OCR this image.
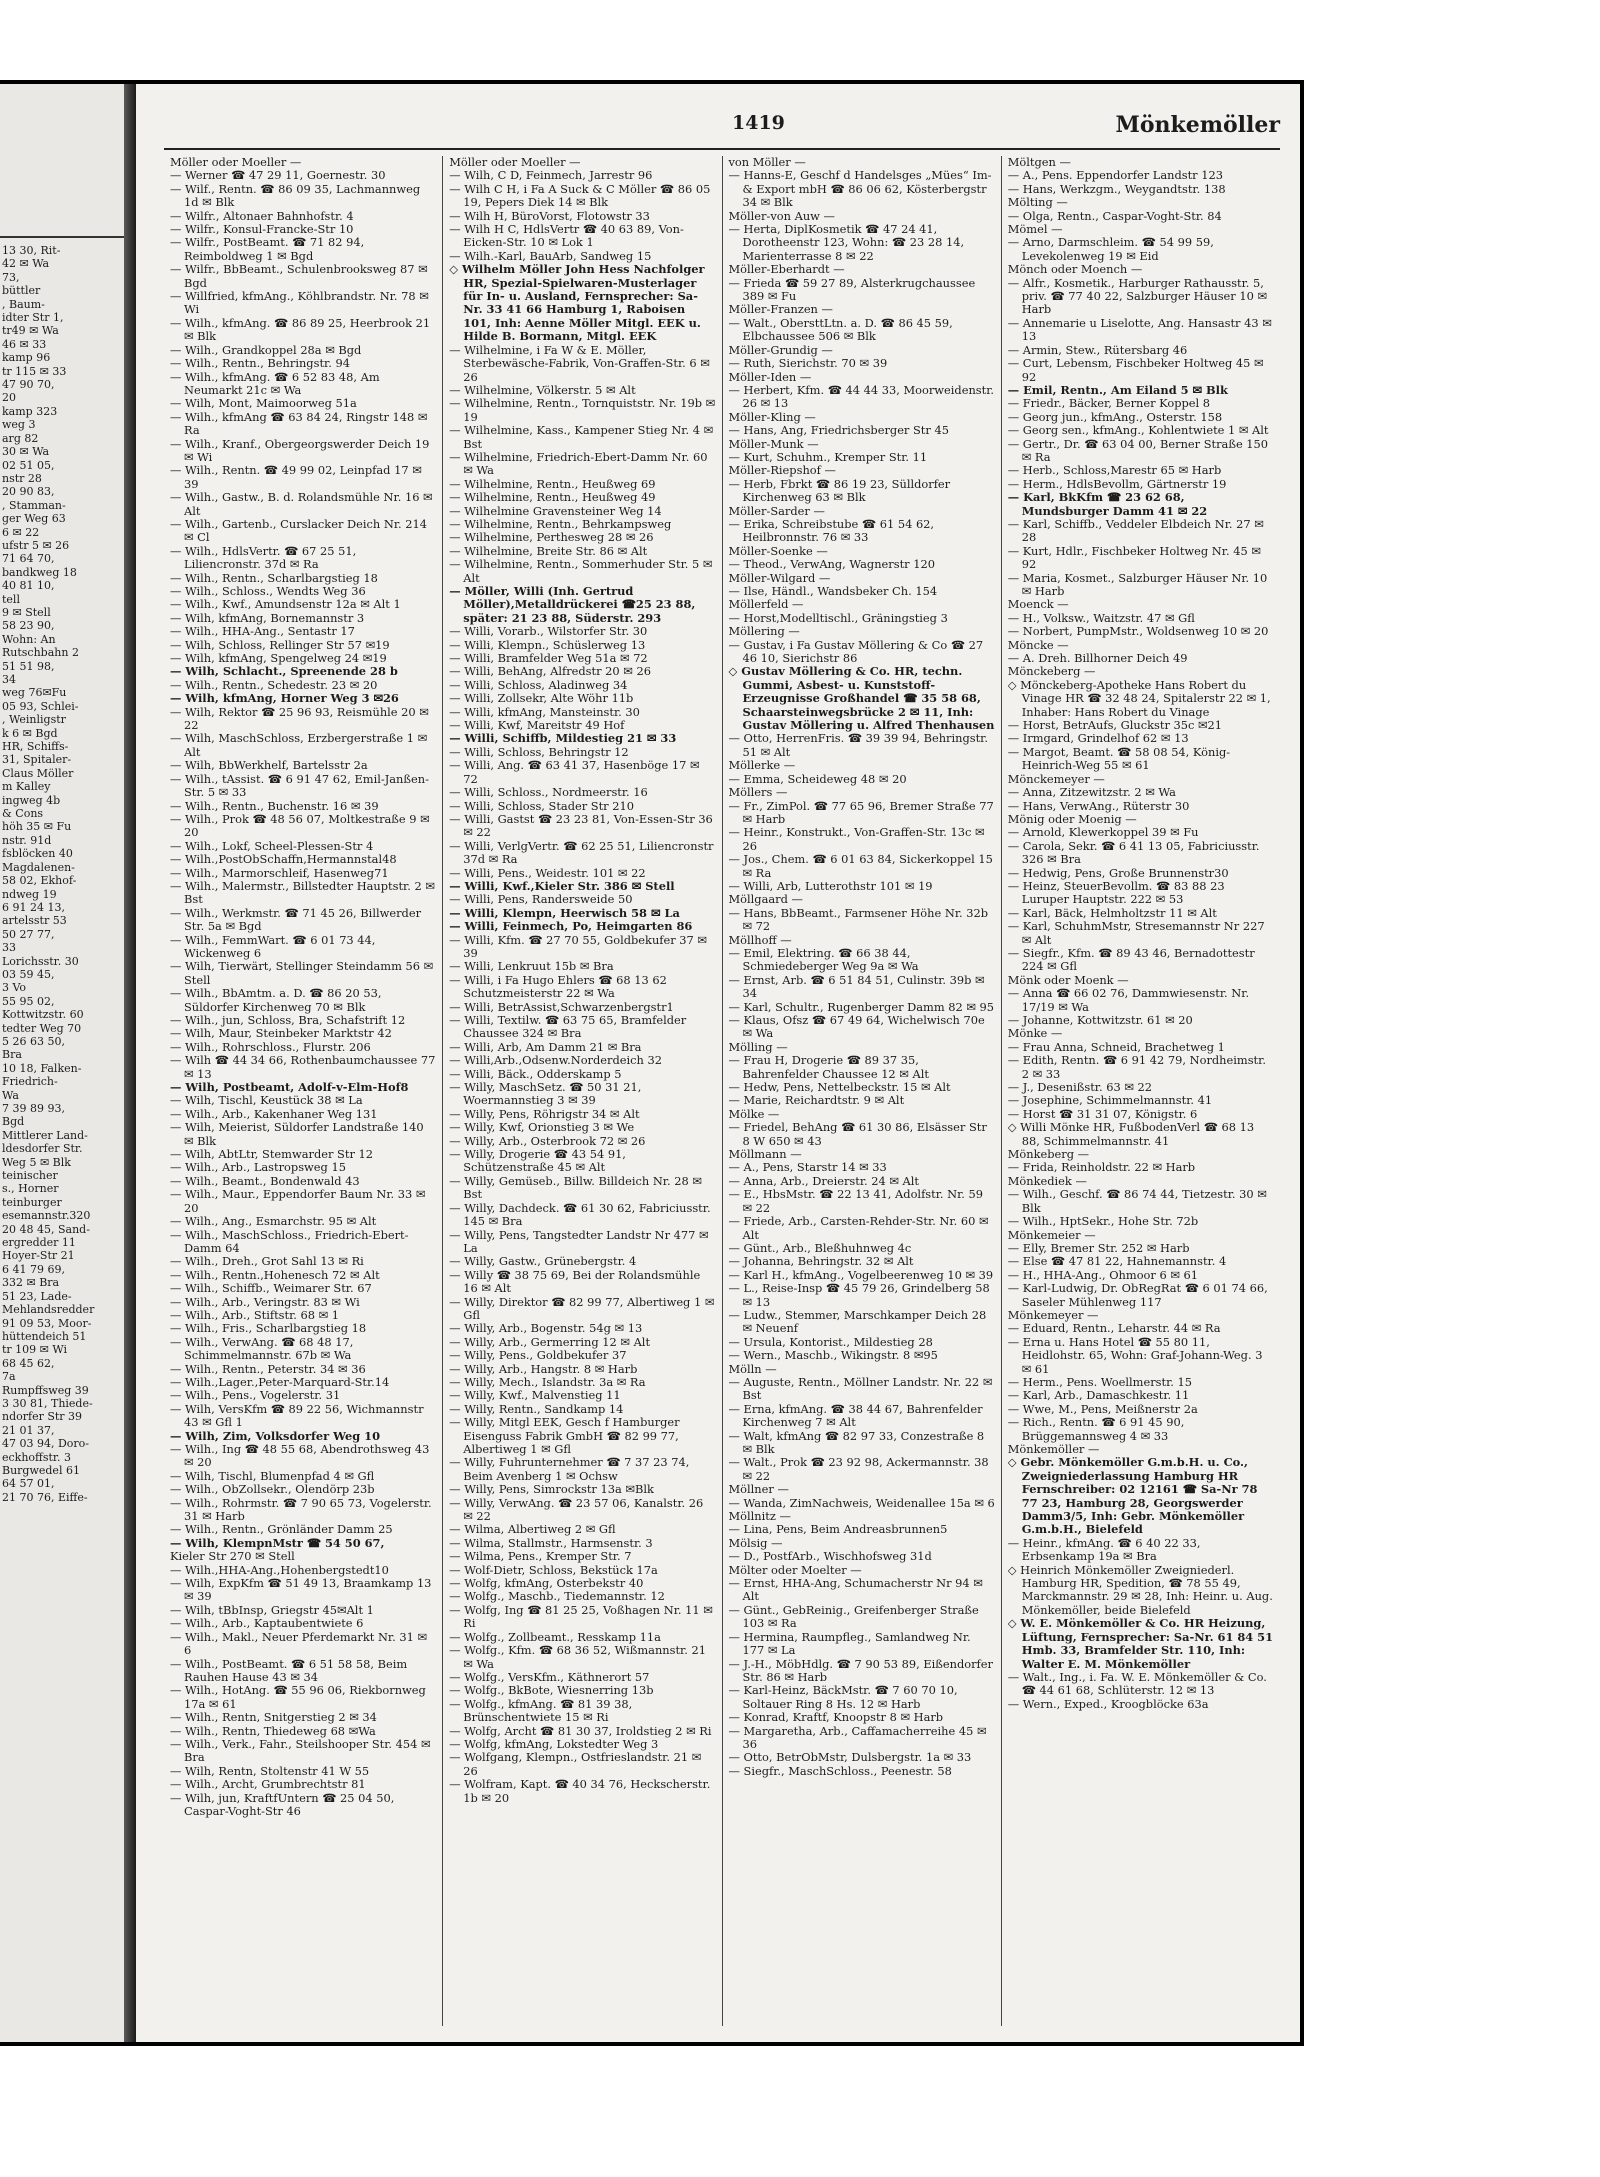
13 30, Rit-
42 ✉ Wa
73,
büttler
, Baum-
idter Str 1,
tr49 ✉ Wa
46 ✉ 33
kamp 96
tr 115 ✉ 33
47 90 70,
20
kamp 323
weg 3
arg 82
30 ✉ Wa
02 51 05,
nstr 28
20 90 83,
, Stamman-
ger Weg 63
6 ✉ 22
ufstr 5 ✉ 26
71 64 70,
bandkweg 18
40 81 10,
tell
9 ✉ Stell
58 23 90,
Wohn: An
Rutschbahn 2
51 51 98,
34
weg 76✉Fu
05 93, Schlei-
, Weinligstr
k 6 ✉ Bgd
HR, Schiffs-
31, Spitaler-
Claus Möller
m Kalley
ingweg 4b
& Cons
höh 35 ✉ Fu
nstr. 91d
fsblöcken 40
Magdalenen-
58 02, Ekhof-
ndweg 19
6 91 24 13,
artelsstr 53
50 27 77,
33
Lorichsstr. 30
03 59 45,
3 Vo
55 95 02,
Kottwitzstr. 60
tedter Weg 70
5 26 63 50,
Bra
10 18, Falken-
Friedrich-
Wa
7 39 89 93,
Bgd
Mittlerer Land-
ldesdorfer Str.
Weg 5 ✉ Blk
teinischer
s., Horner
teinburger
esemannstr.320
20 48 45, Sand-
ergredder 11
Hoyer-Str 21
6 41 79 69,
332 ✉ Bra
51 23, Lade-
Mehlandsredder
91 09 53, Moor-
hüttendeich 51
tr 109 ✉ Wi
68 45 62,
7a
Rumpffsweg 39
3 30 81, Thiede-
ndorfer Str 39
21 01 37,
47 03 94, Doro-
eckhoffstr. 3
Burgwedel 61
64 57 01,
21 70 76, Eiffe-
1419	Mönkemöller

Möller oder Moeller —

— Werner ☎ 47 29 11, Goernestr. 30

— Wilf., Rentn. ☎ 86 09 35, Lachmannweg 1d ✉ Blk

— Wilfr., Altonaer Bahnhofstr. 4

— Wilfr., Konsul-Francke-Str 10

— Wilfr., PostBeamt. ☎ 71 82 94, Reimboldweg 1 ✉ Bgd

— Wilfr., BbBeamt., Schulenbrooksweg 87 ✉ Bgd

— Willfried, kfmAng., Köhlbrandstr. Nr. 78 ✉ Wi

— Wilh., kfmAng. ☎ 86 89 25, Heerbrook 21 ✉ Blk

— Wilh., Grandkoppel 28a ✉ Bgd

— Wilh., Rentn., Behringstr. 94

— Wilh., kfmAng. ☎ 6 52 83 48, Am Neumarkt 21c ✉ Wa

— Wilh, Mont, Maimoorweg 51a

— Wilh., kfmAng ☎ 63 84 24, Ringstr 148 ✉ Ra

— Wilh., Kranf., Obergeorgswerder Deich 19 ✉ Wi

— Wilh., Rentn. ☎ 49 99 02, Leinpfad 17 ✉ 39

— Wilh., Gastw., B. d. Rolandsmühle Nr. 16 ✉ Alt

— Wilh., Gartenb., Curslacker Deich Nr. 214 ✉ Cl

— Wilh., HdlsVertr. ☎ 67 25 51, Liliencronstr. 37d ✉ Ra

— Wilh., Rentn., Scharlbargstieg 18

— Wilh., Schloss., Wendts Weg 36

— Wilh., Kwf., Amundsenstr 12a ✉ Alt 1

— Wilh, kfmAng, Bornemannstr 3

— Wilh., HHA-Ang., Sentastr 17

— Wilh, Schloss, Rellinger Str 57 ✉19

— Wilh, kfmAng, Spengelweg 24 ✉19

— Wilh, Schlacht., Spreenende 28 b

— Wilh., Rentn., Schedestr. 23 ✉ 20

— Wilh, kfmAng, Horner Weg 3 ✉26

— Wilh, Rektor ☎ 25 96 93, Reismühle 20 ✉ 22

— Wilh, MaschSchloss, Erzbergerstraße 1 ✉ Alt

— Wilh, BbWerkhelf, Bartelsstr 2a

— Wilh., tAssist. ☎ 6 91 47 62, Emil-Janßen-Str. 5 ✉ 33

— Wilh., Rentn., Buchenstr. 16 ✉ 39

— Wilh., Prok ☎ 48 56 07, Moltkestraße 9 ✉ 20

— Wilh., Lokf, Scheel-Plessen-Str 4

— Wilh.,PostObSchaffn,Hermannstal48

— Wilh., Marmorschleif, Hasenweg71

— Wilh., Malermstr., Billstedter Hauptstr. 2 ✉ Bst

— Wilh., Werkmstr. ☎ 71 45 26, Billwerder Str. 5a ✉ Bgd

— Wilh., FemmWart. ☎ 6 01 73 44, Wickenweg 6

— Wilh, Tierwärt, Stellinger Steindamm 56 ✉ Stell

— Wilh., BbAmtm. a. D. ☎ 86 20 53, Süldorfer Kirchenweg 70 ✉ Blk

— Wilh., jun, Schloss, Bra, Schafstrift 12

— Wilh, Maur, Steinbeker Marktstr 42

— Wilh., Rohrschloss., Flurstr. 206

— Wilh ☎ 44 34 66, Rothenbaumchaussee 77 ✉ 13

— Wilh, Postbeamt, Adolf-v-Elm-Hof8

— Wilh, Tischl, Keustück 38 ✉ La

— Wilh., Arb., Kakenhaner Weg 131

— Wilh, Meierist, Süldorfer Landstraße 140 ✉ Blk

— Wilh, AbtLtr, Stemwarder Str 12

— Wilh., Arb., Lastropsweg 15

— Wilh., Beamt., Bondenwald 43

— Wilh., Maur., Eppendorfer Baum Nr. 33 ✉ 20

— Wilh., Ang., Esmarchstr. 95 ✉ Alt

— Wilh., MaschSchloss., Friedrich-Ebert-Damm 64

— Wilh., Dreh., Grot Sahl 13 ✉ Ri

— Wilh., Rentn.,Hohenesch 72 ✉ Alt

— Wilh., Schiffb., Weimarer Str. 67

— Wilh., Arb., Veringstr. 83 ✉ Wi

— Wilh., Arb., Stiftstr. 68 ✉ 1

— Wilh., Fris., Scharlbargstieg 18

— Wilh., VerwAng. ☎ 68 48 17, Schimmelmannstr. 67b ✉ Wa

— Wilh., Rentn., Peterstr. 34 ✉ 36

— Wilh.,Lager.,Peter-Marquard-Str.14

— Wilh., Pens., Vogelerstr. 31

— Wilh, VersKfm ☎ 89 22 56, Wichmannstr 43 ✉ Gfl 1

— Wilh, Zim, Volksdorfer Weg 10

— Wilh., Ing ☎ 48 55 68, Abendrothsweg 43 ✉ 20

— Wilh, Tischl, Blumenpfad 4 ✉ Gfl

— Wilh., ObZollsekr., Olendörp 23b

— Wilh., Rohrmstr. ☎ 7 90 65 73, Vogelerstr. 31 ✉ Harb

— Wilh., Rentn., Grönländer Damm 25

— Wilh, KlempnMstr ☎ 54 50 67,

Kieler Str 270 ✉ Stell

— Wilh.,HHA-Ang.,Hohenbergstedt10

— Wilh, ExpKfm ☎ 51 49 13, Braamkamp 13 ✉ 39

— Wilh, tBbInsp, Griegstr 45✉Alt 1

— Wilh., Arb., Kaptaubentwiete 6

— Wilh., Makl., Neuer Pferdemarkt Nr. 31 ✉ 6

— Wilh., PostBeamt. ☎ 6 51 58 58, Beim Rauhen Hause 43 ✉ 34

— Wilh., HotAng. ☎ 55 96 06, Riekbornweg 17a ✉ 61

— Wilh., Rentn, Snitgerstieg 2 ✉ 34

— Wilh., Rentn, Thiedeweg 68 ✉Wa

— Wilh., Verk., Fahr., Steilshooper Str. 454 ✉ Bra

— Wilh, Rentn, Stoltenstr 41 W 55

— Wilh., Archt, Grumbrechtstr 81

— Wilh, jun, KraftfUntern ☎ 25 04 50, Caspar-Voght-Str 46

Möller oder Moeller —

— Wilh, C D, Feinmech, Jarrestr 96

— Wilh C H, i Fa A Suck & C Möller ☎ 86 05 19, Pepers Diek 14 ✉ Blk

— Wilh H, BüroVorst, Flotowstr 33

— Wilh H C, HdlsVertr ☎ 40 63 89, Von-Eicken-Str. 10 ✉ Lok 1

— Wilh.-Karl, BauArb, Sandweg 15

◇ Wilhelm Möller John Hess Nachfolger HR, Spezial-Spielwaren-Musterlager für In- u. Ausland, Fernsprecher: Sa-Nr. 33 41 66 Hamburg 1, Raboisen 101, Inh: Aenne Möller Mitgl. EEK u. Hilde B. Bormann, Mitgl. EEK

— Wilhelmine, i Fa W & E. Möller, Sterbewäsche-Fabrik, Von-Graffen-Str. 6 ✉ 26

— Wilhelmine, Völkerstr. 5 ✉ Alt

— Wilhelmine, Rentn., Tornquiststr. Nr. 19b ✉ 19

— Wilhelmine, Kass., Kampener Stieg Nr. 4 ✉ Bst

— Wilhelmine, Friedrich-Ebert-Damm Nr. 60 ✉ Wa

— Wilhelmine, Rentn., Heußweg 69

— Wilhelmine, Rentn., Heußweg 49

— Wilhelmine Gravensteiner Weg 14

— Wilhelmine, Rentn., Behrkampsweg

— Wilhelmine, Perthesweg 28 ✉ 26

— Wilhelmine, Breite Str. 86 ✉ Alt

— Wilhelmine, Rentn., Sommerhuder Str. 5 ✉ Alt

— Möller, Willi (Inh. Gertrud Möller),Metalldrückerei ☎25 23 88, später: 21 23 88, Süderstr. 293

— Willi, Vorarb., Wilstorfer Str. 30

— Willi, Klempn., Schüslerweg 13

— Willi, Bramfelder Weg 51a ✉ 72

— Willi, BehAng, Alfredstr 20 ✉ 26

— Willi, Schloss, Aladinweg 34

— Willi, Zollsekr, Alte Wöhr 11b

— Willi, kfmAng, Mansteinstr. 30

— Willi, Kwf, Mareitstr 49 Hof

— Willi, Schiffb, Mildestieg 21 ✉ 33

— Willi, Schloss, Behringstr 12

— Willi, Ang. ☎ 63 41 37, Hasenböge 17 ✉ 72

— Willi, Schloss., Nordmeerstr. 16

— Willi, Schloss, Stader Str 210

— Willi, Gastst ☎ 23 23 81, Von-Essen-Str 36 ✉ 22

— Willi, VerlgVertr. ☎ 62 25 51, Liliencronstr 37d ✉ Ra

— Willi, Pens., Weidestr. 101 ✉ 22

— Willi, Kwf.,Kieler Str. 386 ✉ Stell

— Willi, Pens, Randersweide 50

— Willi, Klempn, Heerwisch 58 ✉ La

— Willi, Feinmech, Po, Heimgarten 86

— Willi, Kfm. ☎ 27 70 55, Goldbekufer 37 ✉ 39

— Willi, Lenkruut 15b ✉ Bra

— Willi, i Fa Hugo Ehlers ☎ 68 13 62 Schutzmeisterstr 22 ✉ Wa

— Willi, BetrAssist,Schwarzenbergstr1

— Willi, Textilw. ☎ 63 75 65, Bramfelder Chaussee 324 ✉ Bra

— Willi, Arb, Am Damm 21 ✉ Bra

— Willi,Arb.,Odsenw.Norderdeich 32

— Willi, Bäck., Odderskamp 5

— Willy, MaschSetz. ☎ 50 31 21, Woermannstieg 3 ✉ 39

— Willy, Pens, Röhrigstr 34 ✉ Alt

— Willy, Kwf, Orionstieg 3 ✉ We

— Willy, Arb., Osterbrook 72 ✉ 26

— Willy, Drogerie ☎ 43 54 91, Schützenstraße 45 ✉ Alt

— Willy, Gemüseb., Billw. Billdeich Nr. 28 ✉ Bst

— Willy, Dachdeck. ☎ 61 30 62, Fabriciusstr. 145 ✉ Bra

— Willy, Pens, Tangstedter Landstr Nr 477 ✉ La

— Willy, Gastw., Grünebergstr. 4

— Willy ☎ 38 75 69, Bei der Rolandsmühle 16 ✉ Alt

— Willy, Direktor ☎ 82 99 77, Albertiweg 1 ✉ Gfl

— Willy, Arb., Bogenstr. 54g ✉ 13

— Willy, Arb., Germerring 12 ✉ Alt

— Willy, Pens., Goldbekufer 37

— Willy, Arb., Hangstr. 8 ✉ Harb

— Willy, Mech., Islandstr. 3a ✉ Ra

— Willy, Kwf., Malvenstieg 11

— Willy, Rentn., Sandkamp 14

— Willy, Mitgl EEK, Gesch f Hamburger Eisenguss Fabrik GmbH ☎ 82 99 77, Albertiweg 1 ✉ Gfl

— Willy, Fuhrunternehmer ☎ 7 37 23 74, Beim Avenberg 1 ✉ Ochsw

— Willy, Pens, Simrockstr 13a ✉Blk

— Willy, VerwAng. ☎ 23 57 06, Kanalstr. 26 ✉ 22

— Wilma, Albertiweg 2 ✉ Gfl

— Wilma, Stallmstr., Harmsenstr. 3

— Wilma, Pens., Kremper Str. 7

— Wolf-Dietr, Schloss, Bekstück 17a

— Wolfg, kfmAng, Osterbekstr 40

— Wolfg., Maschb., Tiedemannstr. 12

— Wolfg, Ing ☎ 81 25 25, Voßhagen Nr. 11 ✉ Ri

— Wolfg., Zollbeamt., Resskamp 11a

— Wolfg., Kfm. ☎ 68 36 52, Wißmannstr. 21 ✉ Wa

— Wolfg., VersKfm., Käthnerort 57

— Wolfg., BkBote, Wiesnerring 13b

— Wolfg., kfmAng. ☎ 81 39 38, Brünschentwiete 15 ✉ Ri

— Wolfg, Archt ☎ 81 30 37, Iroldstieg 2 ✉ Ri

— Wolfg, kfmAng, Lokstedter Weg 3

— Wolfgang, Klempn., Ostfrieslandstr. 21 ✉ 26

— Wolfram, Kapt. ☎ 40 34 76, Heckscherstr. 1b ✉ 20

von Möller —

— Hanns-E, Geschf d Handelsges „Mües“ Im- & Export mbH ☎ 86 06 62, Kösterbergstr 34 ✉ Blk

Möller-von Auw —

— Herta, DiplKosmetik ☎ 47 24 41, Dorotheenstr 123, Wohn: ☎ 23 28 14, Marienterrasse 8 ✉ 22

Möller-Eberhardt —

— Frieda ☎ 59 27 89, Alsterkrugchaussee 389 ✉ Fu

Möller-Franzen —

— Walt., ObersttLtn. a. D. ☎ 86 45 59, Elbchaussee 506 ✉ Blk

Möller-Grundig —

— Ruth, Sierichstr. 70 ✉ 39

Möller-Iden —

— Herbert, Kfm. ☎ 44 44 33, Moorweidenstr. 26 ✉ 13

Möller-Kling —

— Hans, Ang, Friedrichsberger Str 45

Möller-Munk —

— Kurt, Schuhm., Kremper Str. 11

Möller-Riepshof —

— Herb, Fbrkt ☎ 86 19 23, Sülldorfer Kirchenweg 63 ✉ Blk

Möller-Sarder —

— Erika, Schreibstube ☎ 61 54 62, Heilbronnstr. 76 ✉ 33

Möller-Soenke —

— Theod., VerwAng, Wagnerstr 120

Möller-Wilgard —

— Ilse, Händl., Wandsbeker Ch. 154

Möllerfeld —

— Horst,Modelltischl., Gräningstieg 3

Möllering —

— Gustav, i Fa Gustav Möllering & Co ☎ 27 46 10, Sierichstr 86

◇ Gustav Möllering & Co. HR, techn. Gummi, Asbest- u. Kunststoff-Erzeugnisse Großhandel ☎ 35 58 68, Schaarsteinwegsbrücke 2 ✉ 11, Inh: Gustav Möllering u. Alfred Thenhausen

— Otto, HerrenFris. ☎ 39 39 94, Behringstr. 51 ✉ Alt

Möllerke —

— Emma, Scheideweg 48 ✉ 20

Möllers —

— Fr., ZimPol. ☎ 77 65 96, Bremer Straße 77 ✉ Harb

— Heinr., Konstrukt., Von-Graffen-Str. 13c ✉ 26

— Jos., Chem. ☎ 6 01 63 84, Sickerkoppel 15 ✉ Ra

— Willi, Arb, Lutterothstr 101 ✉ 19

Möllgaard —

— Hans, BbBeamt., Farmsener Höhe Nr. 32b ✉ 72

Möllhoff —

— Emil, Elektring. ☎ 66 38 44, Schmiedeberger Weg 9a ✉ Wa

— Ernst, Arb. ☎ 6 51 84 51, Culinstr. 39b ✉ 34

— Karl, Schultr., Rugenberger Damm 82 ✉ 95

— Klaus, Ofsz ☎ 67 49 64, Wichelwisch 70e ✉ Wa

Mölling —

— Frau H, Drogerie ☎ 89 37 35, Bahrenfelder Chaussee 12 ✉ Alt

— Hedw, Pens, Nettelbeckstr. 15 ✉ Alt

— Marie, Reichardtstr. 9 ✉ Alt

Mölke —

— Friedel, BehAng ☎ 61 30 86, Elsässer Str 8 W 650 ✉ 43

Möllmann —

— A., Pens, Starstr 14 ✉ 33

— Anna, Arb., Dreierstr. 24 ✉ Alt

— E., HbsMstr. ☎ 22 13 41, Adolfstr. Nr. 59 ✉ 22

— Friede, Arb., Carsten-Rehder-Str. Nr. 60 ✉ Alt

— Günt., Arb., Bleßhuhnweg 4c

— Johanna, Behringstr. 32 ✉ Alt

— Karl H., kfmAng., Vogelbeerenweg 10 ✉ 39

— L., Reise-Insp ☎ 45 79 26, Grindelberg 58 ✉ 13

— Ludw., Stemmer, Marschkamper Deich 28 ✉ Neuenf

— Ursula, Kontorist., Mildestieg 28

— Wern., Maschb., Wikingstr. 8 ✉95

Mölln —

— Auguste, Rentn., Möllner Landstr. Nr. 22 ✉ Bst

— Erna, kfmAng. ☎ 38 44 67, Bahrenfelder Kirchenweg 7 ✉ Alt

— Walt, kfmAng ☎ 82 97 33, Conzestraße 8 ✉ Blk

— Walt., Prok ☎ 23 92 98, Ackermannstr. 38 ✉ 22

Möllner —

— Wanda, ZimNachweis, Weidenallee 15a ✉ 6

Möllnitz —

— Lina, Pens, Beim Andreasbrunnen5

Mölsig —

— D., PostfArb., Wischhofsweg 31d

Mölter oder Moelter —

— Ernst, HHA-Ang, Schumacherstr Nr 94 ✉ Alt

— Günt., GebReinig., Greifenberger Straße 103 ✉ Ra

— Hermina, Raumpfleg., Samlandweg Nr. 177 ✉ La

— J.-H., MöbHdlg. ☎ 7 90 53 89, Eißendorfer Str. 86 ✉ Harb

— Karl-Heinz, BäckMstr. ☎ 7 60 70 10, Soltauer Ring 8 Hs. 12 ✉ Harb

— Konrad, Kraftf, Knoopstr 8 ✉ Harb

— Margaretha, Arb., Caffamacherreihe 45 ✉ 36

— Otto, BetrObMstr, Dulsbergstr. 1a ✉ 33

— Siegfr., MaschSchloss., Peenestr. 58

Möltgen —

— A., Pens. Eppendorfer Landstr 123

— Hans, Werkzgm., Weygandtstr. 138

Mölting —

— Olga, Rentn., Caspar-Voght-Str. 84

Mömel —

— Arno, Darmschleim. ☎ 54 99 59, Levekolenweg 19 ✉ Eid

Mönch oder Moench —

— Alfr., Kosmetik., Harburger Rathausstr. 5, priv. ☎ 77 40 22, Salzburger Häuser 10 ✉ Harb

— Annemarie u Liselotte, Ang. Hansastr 43 ✉ 13

— Armin, Stew., Rütersbarg 46

— Curt, Lebensm, Fischbeker Holtweg 45 ✉ 92

— Emil, Rentn., Am Eiland 5 ✉ Blk

— Friedr., Bäcker, Berner Koppel 8

— Georg jun., kfmAng., Osterstr. 158

— Georg sen., kfmAng., Kohlentwiete 1 ✉ Alt

— Gertr., Dr. ☎ 63 04 00, Berner Straße 150 ✉ Ra

— Herb., Schloss,Marestr 65 ✉ Harb

— Herm., HdlsBevollm, Gärtnerstr 19

— Karl, BkKfm ☎ 23 62 68, Mundsburger Damm 41 ✉ 22

— Karl, Schiffb., Veddeler Elbdeich Nr. 27 ✉ 28

— Kurt, Hdlr., Fischbeker Holtweg Nr. 45 ✉ 92

— Maria, Kosmet., Salzburger Häuser Nr. 10 ✉ Harb

Moenck —

— H., Volksw., Waitzstr. 47 ✉ Gfl

— Norbert, PumpMstr., Woldsenweg 10 ✉ 20

Möncke —

— A. Dreh. Billhorner Deich 49

Mönckeberg —

◇ Mönckeberg-Apotheke Hans Robert du Vinage HR ☎ 32 48 24, Spitalerstr 22 ✉ 1, Inhaber: Hans Robert du Vinage

— Horst, BetrAufs, Gluckstr 35c ✉21

— Irmgard, Grindelhof 62 ✉ 13

— Margot, Beamt. ☎ 58 08 54, König-Heinrich-Weg 55 ✉ 61

Mönckemeyer —

— Anna, Zitzewitzstr. 2 ✉ Wa

— Hans, VerwAng., Rüterstr 30

Mönig oder Moenig —

— Arnold, Klewerkoppel 39 ✉ Fu

— Carola, Sekr. ☎ 6 41 13 05, Fabriciusstr. 326 ✉ Bra

— Hedwig, Pens, Große Brunnenstr30

— Heinz, SteuerBevollm. ☎ 83 88 23 Luruper Hauptstr. 222 ✉ 53

— Karl, Bäck, Helmholtzstr 11 ✉ Alt

— Karl, SchuhmMstr, Stresemannstr Nr 227 ✉ Alt

— Siegfr., Kfm. ☎ 89 43 46, Bernadottestr 224 ✉ Gfl

Mönk oder Moenk —

— Anna ☎ 66 02 76, Dammwiesenstr. Nr. 17/19 ✉ Wa

— Johanne, Kottwitzstr. 61 ✉ 20

Mönke —

— Frau Anna, Schneid, Brachetweg 1

— Edith, Rentn. ☎ 6 91 42 79, Nordheimstr. 2 ✉ 33

— J., Desenißstr. 63 ✉ 22

— Josephine, Schimmelmannstr. 41

— Horst ☎ 31 31 07, Königstr. 6

◇ Willi Mönke HR, FußbodenVerl ☎ 68 13 88, Schimmelmannstr. 41

Mönkeberg —

— Frida, Reinholdstr. 22 ✉ Harb

Mönkediek —

— Wilh., Geschf. ☎ 86 74 44, Tietzestr. 30 ✉ Blk

— Wilh., HptSekr., Hohe Str. 72b

Mönkemeier —

— Elly, Bremer Str. 252 ✉ Harb

— Else ☎ 47 81 22, Hahnemannstr. 4

— H., HHA-Ang., Ohmoor 6 ✉ 61

— Karl-Ludwig, Dr. ObRegRat ☎ 6 01 74 66, Saseler Mühlenweg 117

Mönkemeyer —

— Eduard, Rentn., Leharstr. 44 ✉ Ra

— Erna u. Hans Hotel ☎ 55 80 11, Heidlohstr. 65, Wohn: Graf-Johann-Weg. 3 ✉ 61

— Herm., Pens. Woellmerstr. 15

— Karl, Arb., Damaschkestr. 11

— Wwe, M., Pens, Meißnerstr 2a

— Rich., Rentn. ☎ 6 91 45 90, Brüggemannsweg 4 ✉ 33

Mönkemöller —

◇ Gebr. Mönkemöller G.m.b.H. u. Co., Zweigniederlassung Hamburg HR Fernschreiber: 02 12161 ☎ Sa-Nr 78 77 23, Hamburg 28, Georgswerder Damm3/5, Inh: Gebr. Mönkemöller G.m.b.H., Bielefeld

— Heinr., kfmAng. ☎ 6 40 22 33, Erbsenkamp 19a ✉ Bra

◇ Heinrich Mönkemöller Zweigniederl. Hamburg HR, Spedition, ☎ 78 55 49, Marckmannstr. 29 ✉ 28, Inh: Heinr. u. Aug. Mönkemöller, beide Bielefeld

◇ W. E. Mönkemöller & Co. HR Heizung, Lüftung, Fernsprecher: Sa-Nr. 61 84 51 Hmb. 33, Bramfelder Str. 110, Inh: Walter E. M. Mönkemöller

— Walt., Ing., i. Fa. W. E. Mönkemöller & Co. ☎ 44 61 68, Schlüterstr. 12 ✉ 13

— Wern., Exped., Kroogblöcke 63a
